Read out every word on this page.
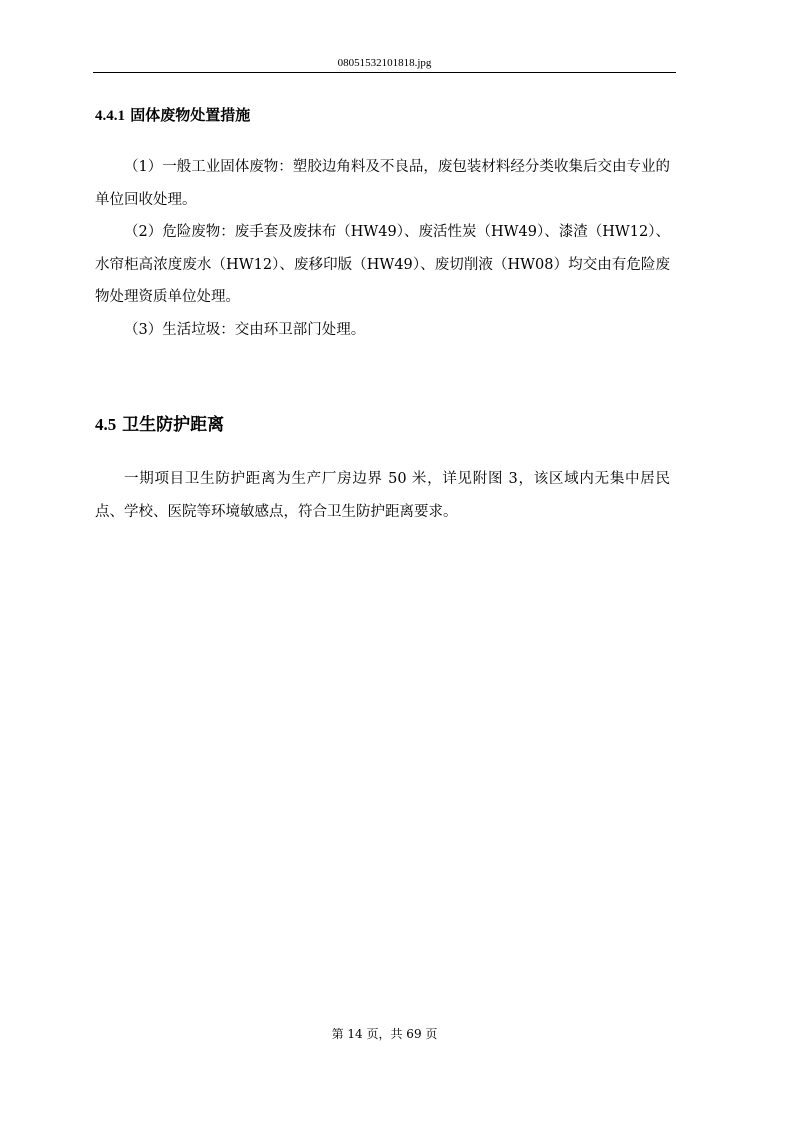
08051532101818.jpg
4.4.1 固体废物处置措施

（1）一般工业固体废物：塑胶边角料及不良品，废包装材料经分类收集后交由专业的单位回收处理。

（2）危险废物：废手套及废抹布（HW49）、废活性炭（HW49）、漆渣（HW12）、水帘柜高浓度废水（HW12）、废移印版（HW49）、废切削液（HW08）均交由有危险废物处理资质单位处理。

（3）生活垃圾：交由环卫部门处理。

4.5 卫生防护距离

一期项目卫生防护距离为生产厂房边界 50 米，详见附图 3，该区域内无集中居民点、学校、医院等环境敏感点，符合卫生防护距离要求。

第 14 页，共 69 页
